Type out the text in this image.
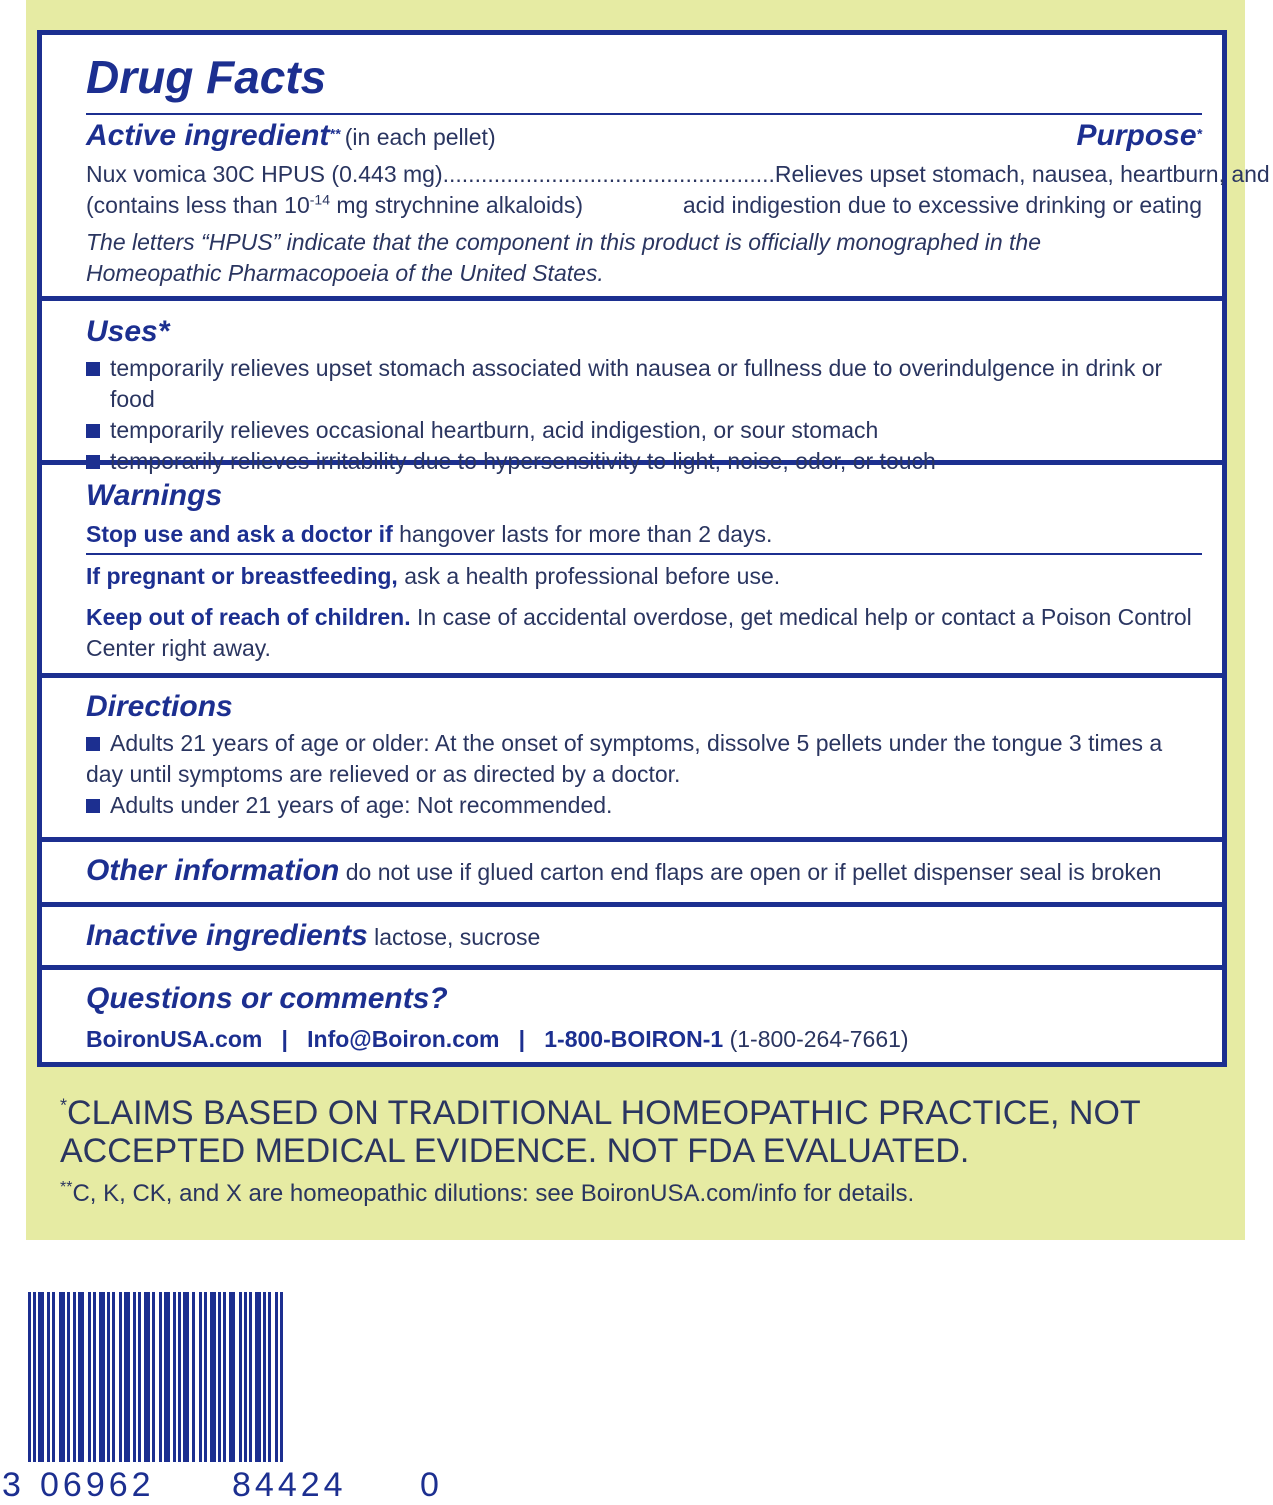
Drug Facts
Active ingredient** (in each pellet)	Purpose*
Nux vomica 30C HPUS (0.443 mg) .................................................... Relieves upset stomach, nausea, heartburn, and
(contains less than $10^{-14}$ mg strychnine alkaloids)	acid indigestion due to excessive drinking or eating
The letters “HPUS” indicate that the component in this product is officially monographed in the Homeopathic Pharmacopoeia of the United States.
Uses*
temporarily relieves upset stomach associated with nausea or fullness due to overindulgence in drink or food
temporarily relieves occasional heartburn, acid indigestion, or sour stomach
temporarily relieves irritability due to hypersensitivity to light, noise, odor, or touch
Warnings
Stop use and ask a doctor if hangover lasts for more than 2 days.
If pregnant or breastfeeding, ask a health professional before use.
Keep out of reach of children. In case of accidental overdose, get medical help or contact a Poison Control Center right away.
Directions
Adults 21 years of age or older: At the onset of symptoms, dissolve 5 pellets under the tongue 3 times a day until symptoms are relieved or as directed by a doctor.
Adults under 21 years of age: Not recommended.
Other information do not use if glued carton end flaps are open or if pellet dispenser seal is broken
Inactive ingredients lactose, sucrose
Questions or comments?
BoironUSA.com | Info@Boiron.com | 1-800-BOIRON-1 (1-800-264-7661)
*CLAIMS BASED ON TRADITIONAL HOMEOPATHIC PRACTICE, NOT ACCEPTED MEDICAL EVIDENCE. NOT FDA EVALUATED.
**C, K, CK, and X are homeopathic dilutions: see BoironUSA.com/info for details.
3 06962 84424 0
